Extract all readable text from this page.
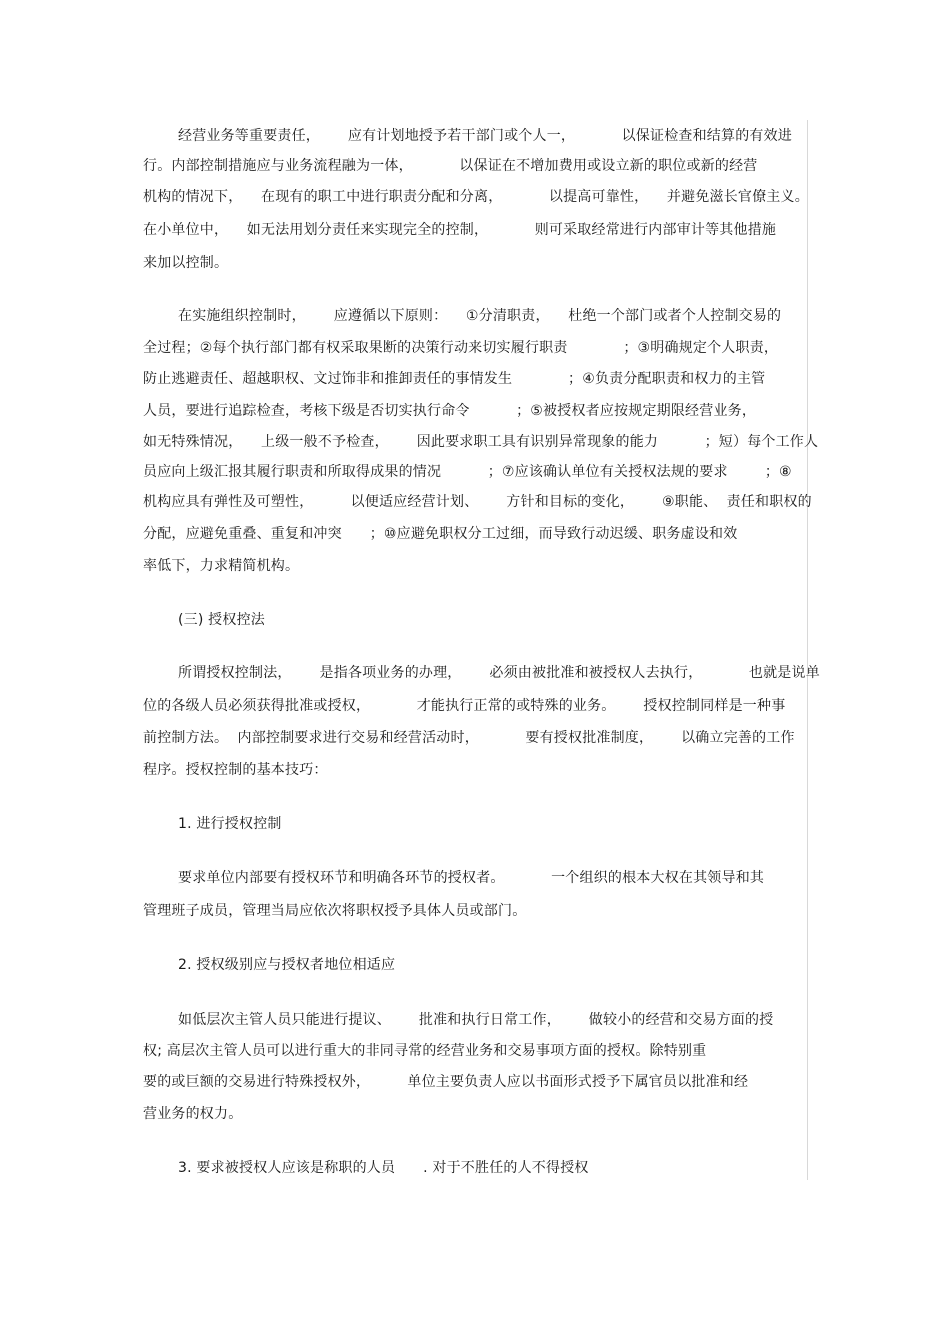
经营业务等重要责任，      应有计划地授予若干部门或个人一，          以保证检查和结算的有效进
行。内部控制措施应与业务流程融为一体，          以保证在不增加费用或设立新的职位或新的经营
机构的情况下，    在现有的职工中进行职责分配和分离，          以提高可靠性，    并避免滋长官僚主义。
在小单位中，    如无法用划分责任来实现完全的控制，          则可采取经常进行内部审计等其他措施
来加以控制。
在实施组织控制时，      应遵循以下原则：    ①分清职责，    杜绝一个部门或者个人控制交易的
全过程；②每个执行部门都有权采取果断的决策行动来切实履行职责            ；③明确规定个人职责，
防止逃避责任、超越职权、文过饰非和推卸责任的事情发生            ；④负责分配职责和权力的主管
人员，要进行追踪检查，考核下级是否切实执行命令          ；⑤被授权者应按规定期限经营业务，
如无特殊情况，    上级一般不予检查，      因此要求职工具有识别异常现象的能力          ；短）每个工作人
员应向上级汇报其履行职责和所取得成果的情况          ；⑦应该确认单位有关授权法规的要求        ；⑧
机构应具有弹性及可塑性，        以便适应经营计划、      方针和目标的变化，      ⑨职能、  责任和职权的
分配，应避免重叠、重复和冲突      ；⑩应避免职权分工过细，而导致行动迟缓、职务虚设和效
率低下，力求精简机构。
(三) 授权控法
所谓授权控制法，      是指各项业务的办理，      必须由被批准和被授权人去执行，          也就是说单
位的各级人员必须获得批准或授权，          才能执行正常的或特殊的业务。      授权控制同样是一种事
前控制方法。  内部控制要求进行交易和经营活动时，          要有授权批准制度，      以确立完善的工作
程序。授权控制的基本技巧：
1. 进行授权控制
要求单位内部要有授权环节和明确各环节的授权者。          一个组织的根本大权在其领导和其
管理班子成员，管理当局应依次将职权授予具体人员或部门。
2. 授权级别应与授权者地位相适应
如低层次主管人员只能进行提议、      批准和执行日常工作，      做较小的经营和交易方面的授
权; 高层次主管人员可以进行重大的非同寻常的经营业务和交易事项方面的授权。除特别重
要的或巨额的交易进行特殊授权外，        单位主要负责人应以书面形式授予下属官员以批准和经
营业务的权力。
3. 要求被授权人应该是称职的人员      . 对于不胜任的人不得授权
